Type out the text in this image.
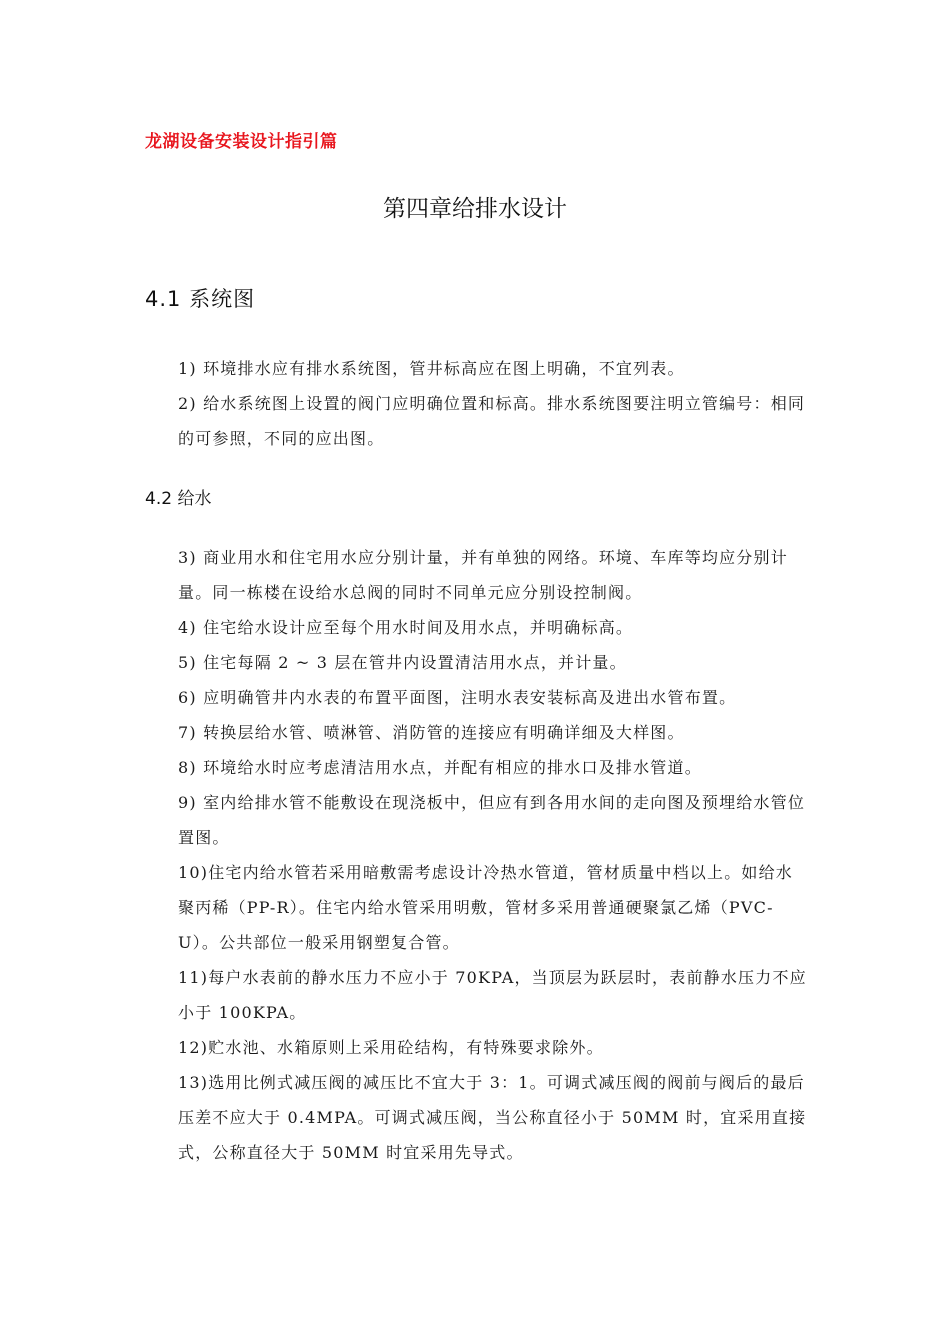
龙湖设备安装设计指引篇
第四章给排水设计
4.1 系统图
1) 环境排水应有排水系统图，管井标高应在图上明确，不宜列表。
2) 给水系统图上设置的阀门应明确位置和标高。排水系统图要注明立管编号：相同的可参照，不同的应出图。
4.2 给水
3) 商业用水和住宅用水应分别计量，并有单独的网络。环境、车库等均应分别计量。同一栋楼在设给水总阀的同时不同单元应分别设控制阀。
4) 住宅给水设计应至每个用水时间及用水点，并明确标高。
5) 住宅每隔 2 ~ 3 层在管井内设置清洁用水点，并计量。
6) 应明确管井内水表的布置平面图，注明水表安装标高及进出水管布置。
7) 转换层给水管、喷淋管、消防管的连接应有明确详细及大样图。
8) 环境给水时应考虑清洁用水点，并配有相应的排水口及排水管道。
9) 室内给排水管不能敷设在现浇板中，但应有到各用水间的走向图及预埋给水管位置图。
10)住宅内给水管若采用暗敷需考虑设计冷热水管道，管材质量中档以上。如给水聚丙稀（PP-R）。住宅内给水管采用明敷，管材多采用普通硬聚氯乙烯（PVC-U）。公共部位一般采用钢塑复合管。
11)每户水表前的静水压力不应小于 70KPA，当顶层为跃层时，表前静水压力不应小于 100KPA。
12)贮水池、水箱原则上采用砼结构，有特殊要求除外。
13)选用比例式减压阀的减压比不宜大于 3：1。可调式减压阀的阀前与阀后的最后压差不应大于 0.4MPA。可调式减压阀，当公称直径小于 50MM 时，宜采用直接式，公称直径大于 50MM 时宜采用先导式。
